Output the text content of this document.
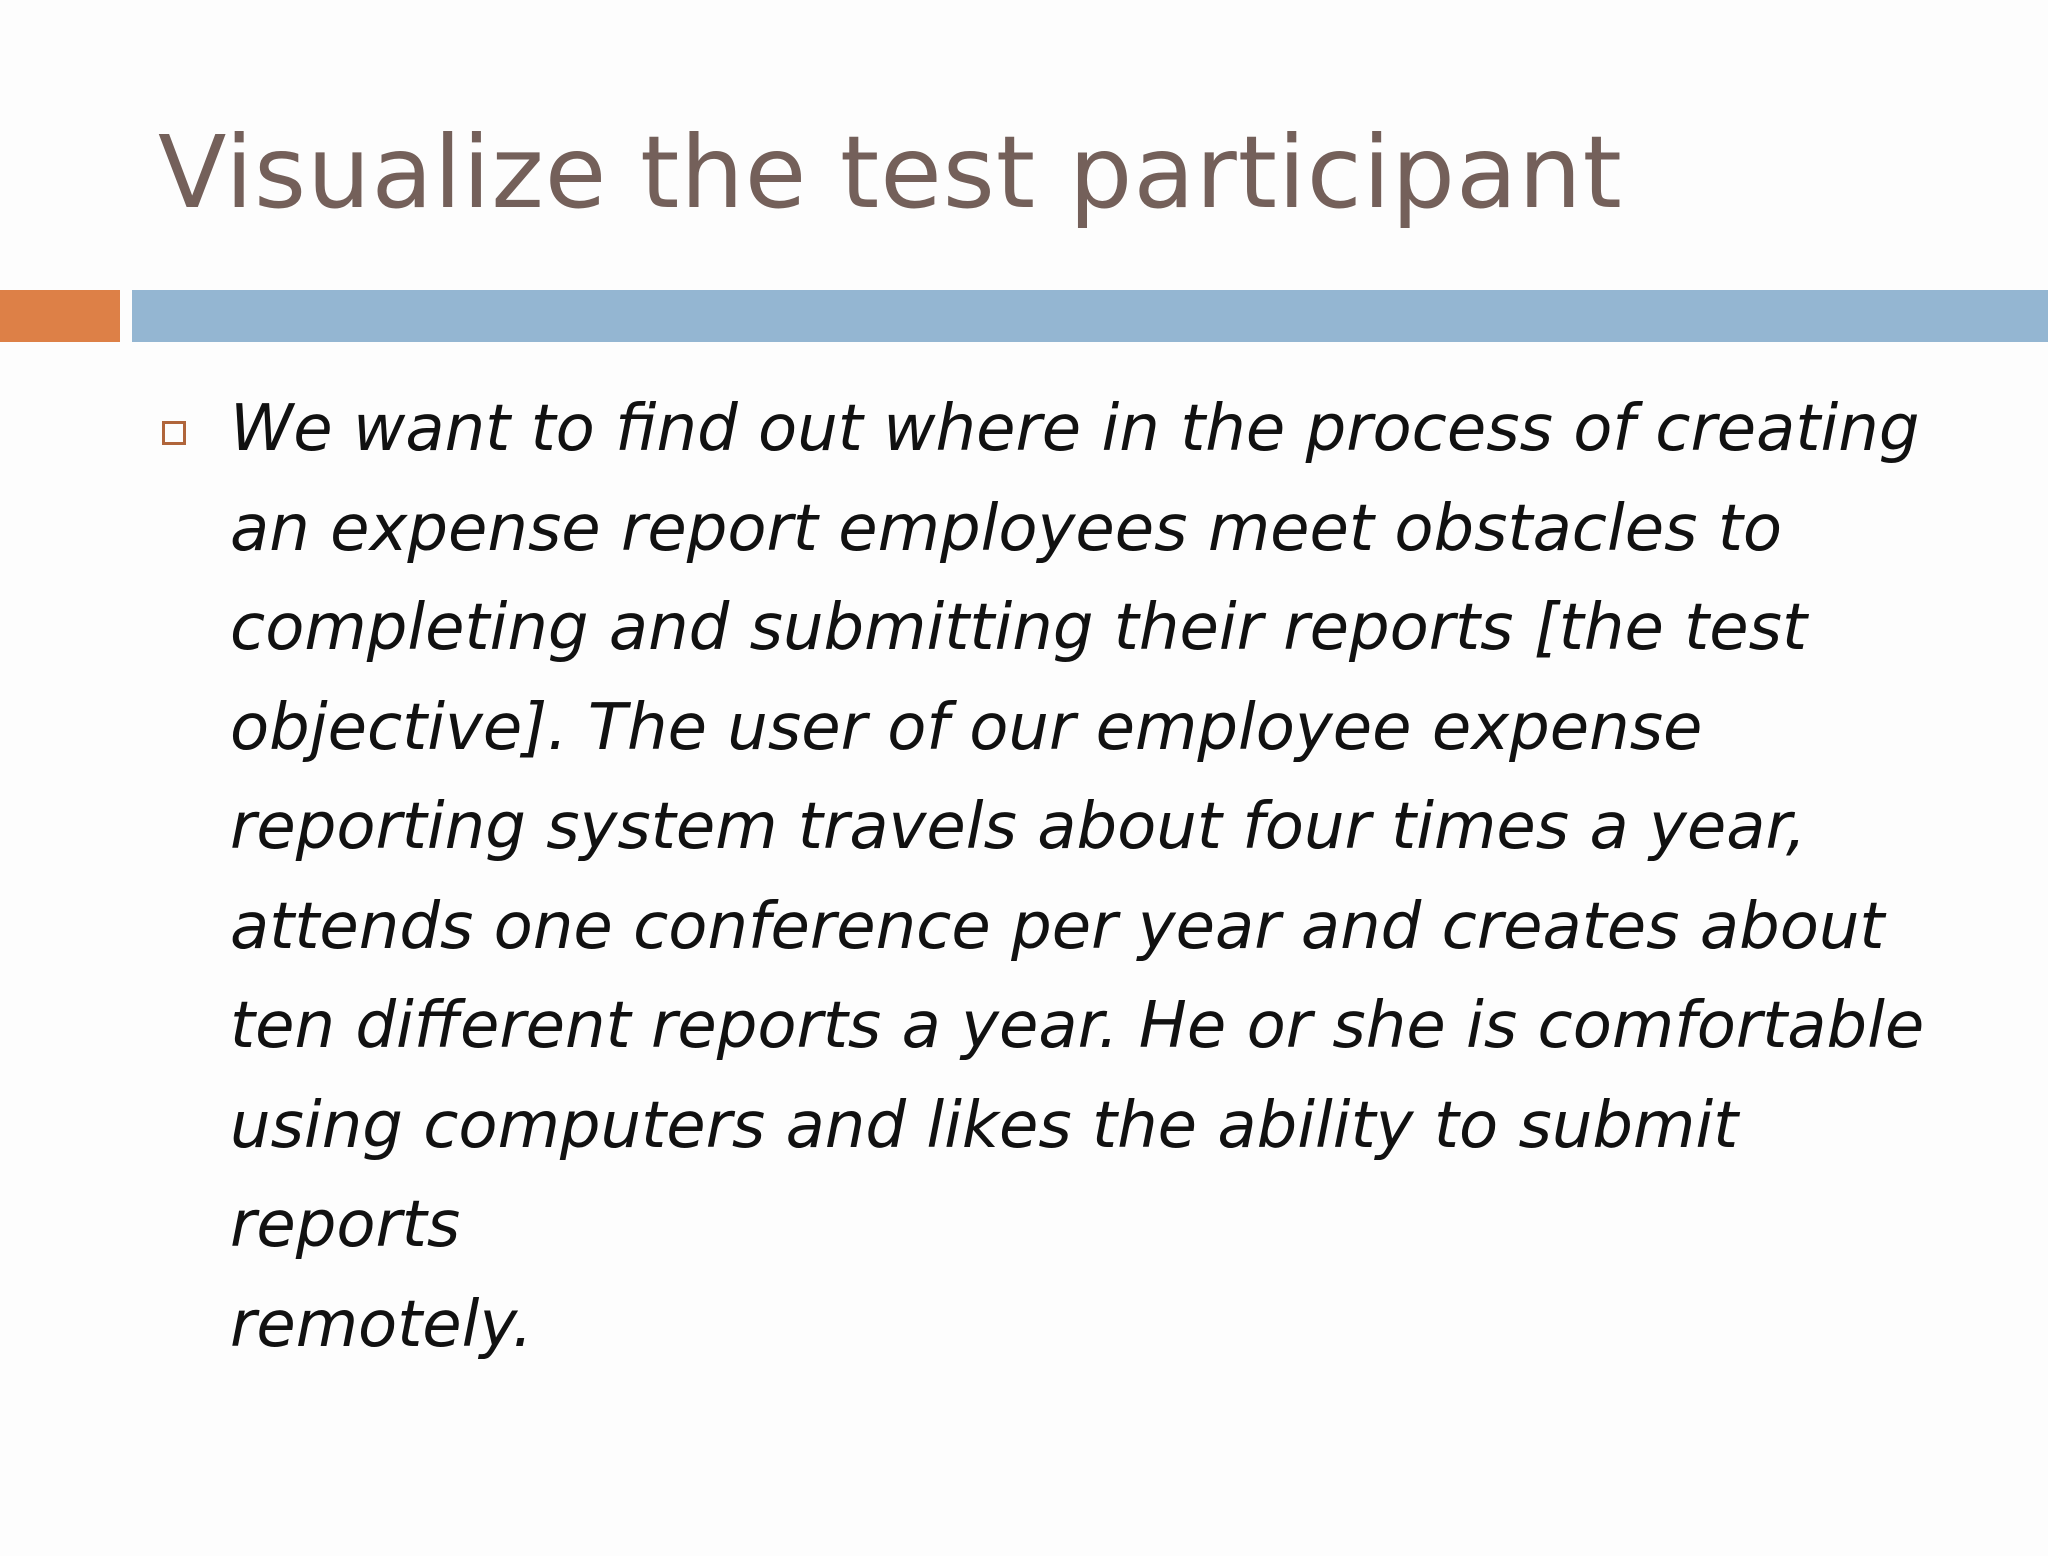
Visualize the test participant
We want to find out where in the process of creating
an expense report employees meet obstacles to
completing and submitting their reports [the test
objective]. The user of our employee expense
reporting system travels about four times a year,
attends one conference per year and creates about
ten different reports a year. He or she is comfortable
using computers and likes the ability to submit reports
remotely.
